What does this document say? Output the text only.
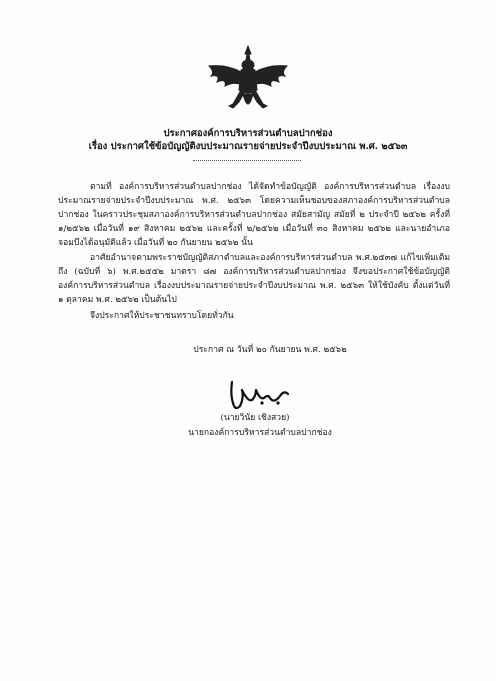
ประกาศองค์การบริหารส่วนตำบลปากช่อง
เรื่อง ประกาศใช้ข้อบัญญัติงบประมาณรายจ่ายประจำปีงบประมาณ พ.ศ. ๒๕๖๓
ตามที่ องค์การบริหารส่วนตำบลปากช่อง ได้จัดทำข้อบัญญัติ องค์การบริหารส่วนตำบล เรื่องงบประมาณรายจ่ายประจำปีงบประมาณ พ.ศ. ๒๕๖๓ โดยความเห็นชอบของสภาองค์การบริหารส่วนตำบลปากช่อง ในคราวประชุมสภาองค์การบริหารส่วนตำบลปากช่อง สมัยสามัญ สมัยที่ ๒ ประจำปี ๒๕๖๒ ครั้งที่ ๑/๒๕๖๒ เมื่อวันที่ ๑๙ สิงหาคม ๒๕๖๒ และครั้งที่ ๒/๒๕๖๒ เมื่อวันที่ ๓๐ สิงหาคม ๒๕๖๒ และนายอำเภอจอมบึงได้อนุมัติแล้ว เมื่อวันที่ ๒๐ กันยายน ๒๕๖๒ นั้น
อาศัยอำนาจตามพระราชบัญญัติสภาตำบลและองค์การบริหารส่วนตำบล พ.ศ.๒๕๓๗ แก้ไขเพิ่มเติมถึง (ฉบับที่ ๖) พ.ศ.๒๕๕๒ มาตรา ๘๗ องค์การบริหารส่วนตำบลปากช่อง จึงขอประกาศใช้ข้อบัญญัติองค์การบริหารส่วนตำบล เรื่องงบประมาณรายจ่ายประจำปีงบประมาณ พ.ศ. ๒๕๖๓ ให้ใช้บังคับ ตั้งแต่วันที่ ๑ ตุลาคม พ.ศ. ๒๕๖๒ เป็นต้นไป
จึงประกาศให้ประชาชนทราบโดยทั่วกัน
ประกาศ ณ วันที่ ๒๐ กันยายน พ.ศ. ๒๕๖๒
(นายวินัย เชิงสวย)
นายกองค์การบริหารส่วนตำบลปากช่อง
